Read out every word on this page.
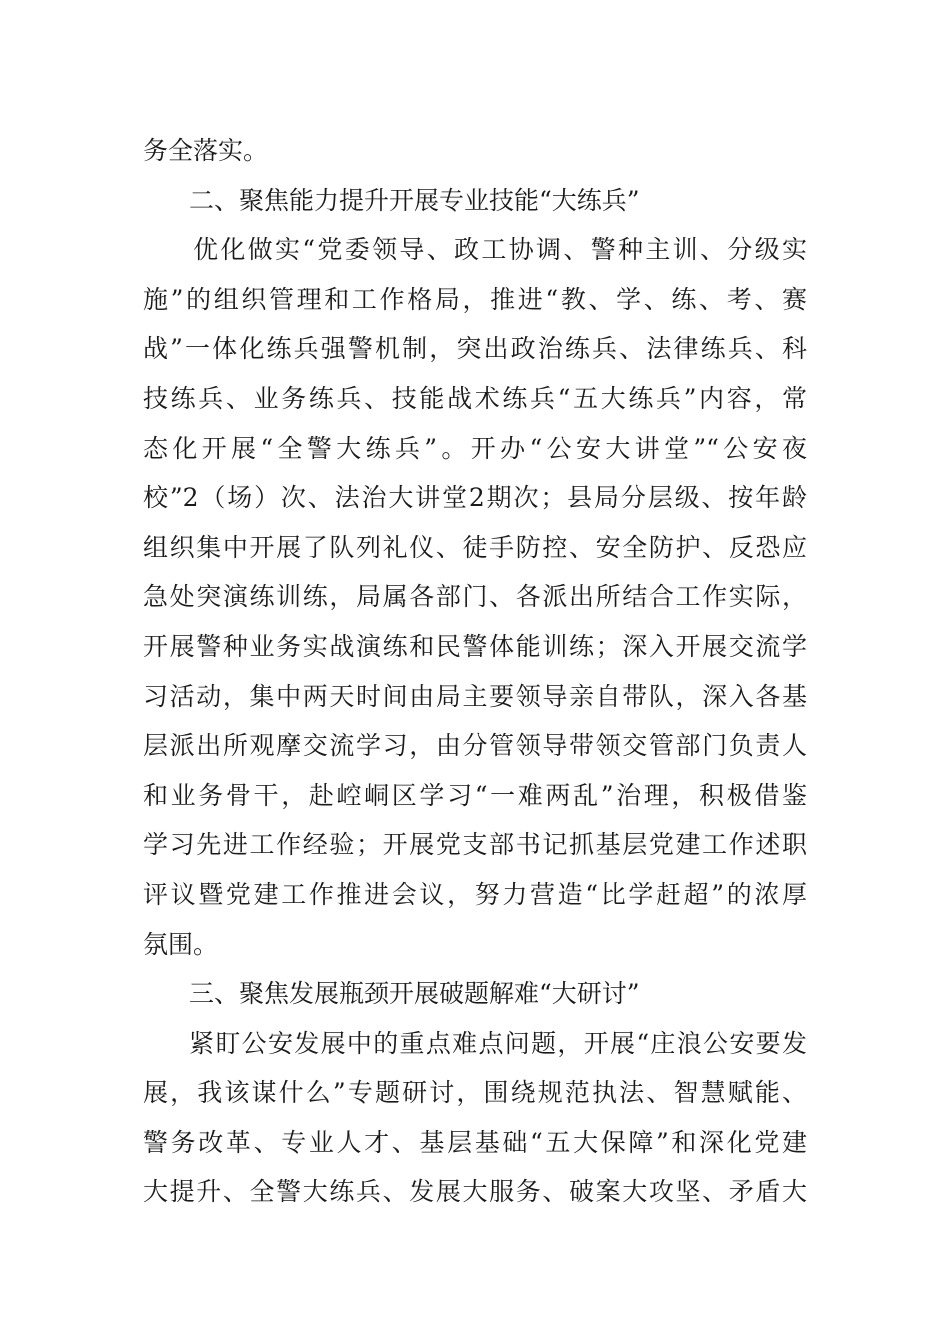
务全落实。
二、聚焦能力提升开展专业技能“大练兵”
优化做实“党委领导、政工协调、警种主训、分级实
施”的组织管理和工作格局，推进“教、学、练、考、赛
战”一体化练兵强警机制，突出政治练兵、法律练兵、科
技练兵、业务练兵、技能战术练兵“五大练兵”内容，常
态化开展“全警大练兵”。开办“公安大讲堂”“公安夜
校”2（场）次、法治大讲堂2期次；县局分层级、按年龄
组织集中开展了队列礼仪、徒手防控、安全防护、反恐应
急处突演练训练，局属各部门、各派出所结合工作实际，
开展警种业务实战演练和民警体能训练；深入开展交流学
习活动，集中两天时间由局主要领导亲自带队，深入各基
层派出所观摩交流学习，由分管领导带领交管部门负责人
和业务骨干，赴崆峒区学习“一难两乱”治理，积极借鉴
学习先进工作经验；开展党支部书记抓基层党建工作述职
评议暨党建工作推进会议，努力营造“比学赶超”的浓厚
氛围。
三、聚焦发展瓶颈开展破题解难“大研讨”
紧盯公安发展中的重点难点问题，开展“庄浪公安要发
展，我该谋什么”专题研讨，围绕规范执法、智慧赋能、
警务改革、专业人才、基层基础“五大保障”和深化党建
大提升、全警大练兵、发展大服务、破案大攻坚、矛盾大
